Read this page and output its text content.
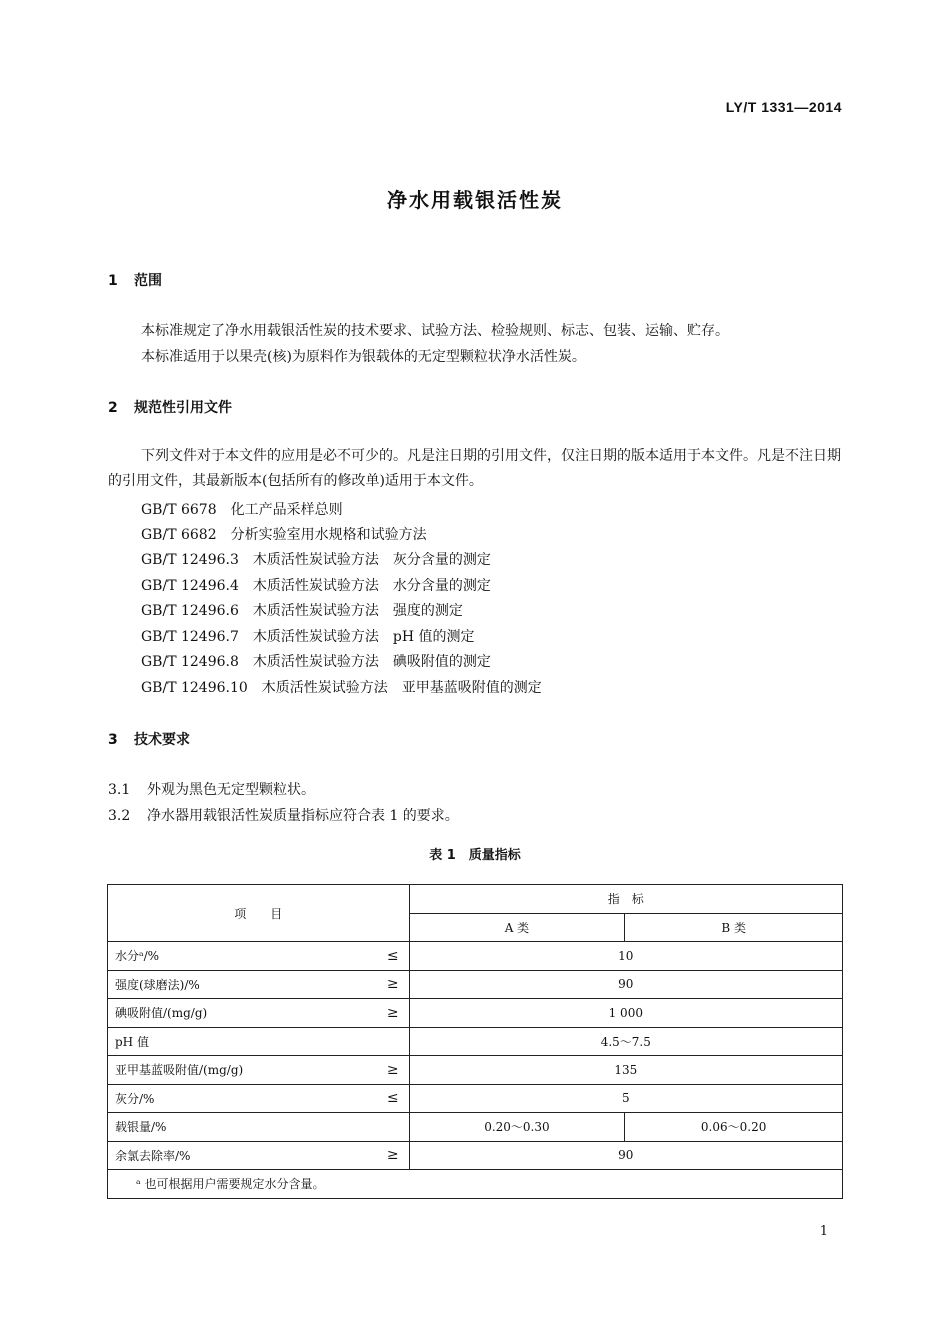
LY/T 1331—2014
净水用载银活性炭
1 范围
本标准规定了净水用载银活性炭的技术要求、试验方法、检验规则、标志、包装、运输、贮存。
本标准适用于以果壳(核)为原料作为银载体的无定型颗粒状净水活性炭。
2 规范性引用文件
下列文件对于本文件的应用是必不可少的。凡是注日期的引用文件，仅注日期的版本适用于本文件。凡是不注日期的引用文件，其最新版本(包括所有的修改单)适用于本文件。
GB/T 6678　 化工产品采样总则
GB/T 6682　 分析实验室用水规格和试验方法
GB/T 12496.3　 木质活性炭试验方法　灰分含量的测定
GB/T 12496.4　 木质活性炭试验方法　水分含量的测定
GB/T 12496.6　 木质活性炭试验方法　强度的测定
GB/T 12496.7　 木质活性炭试验方法　pH 值的测定
GB/T 12496.8　 木质活性炭试验方法　碘吸附值的测定
GB/T 12496.10　 木质活性炭试验方法　亚甲基蓝吸附值的测定
3 技术要求
3.1 外观为黑色无定型颗粒状。
3.2 净水器用载银活性炭质量指标应符合表 1 的要求。
表 1　质量指标
项　　目	指　标	
	A 类	B 类
水分ᵃ/% ≤	10	
强度(球磨法)/% ≥	90	
碘吸附值/(mg/g) ≥	1 000	
pH 值	4.5～7.5	
亚甲基蓝吸附值/(mg/g) ≥	135	
灰分/% ≤	5	
载银量/%	0.20～0.30	0.06～0.20
余氯去除率/% ≥	90	
ᵃ 也可根据用户需要规定水分含量。		
1
